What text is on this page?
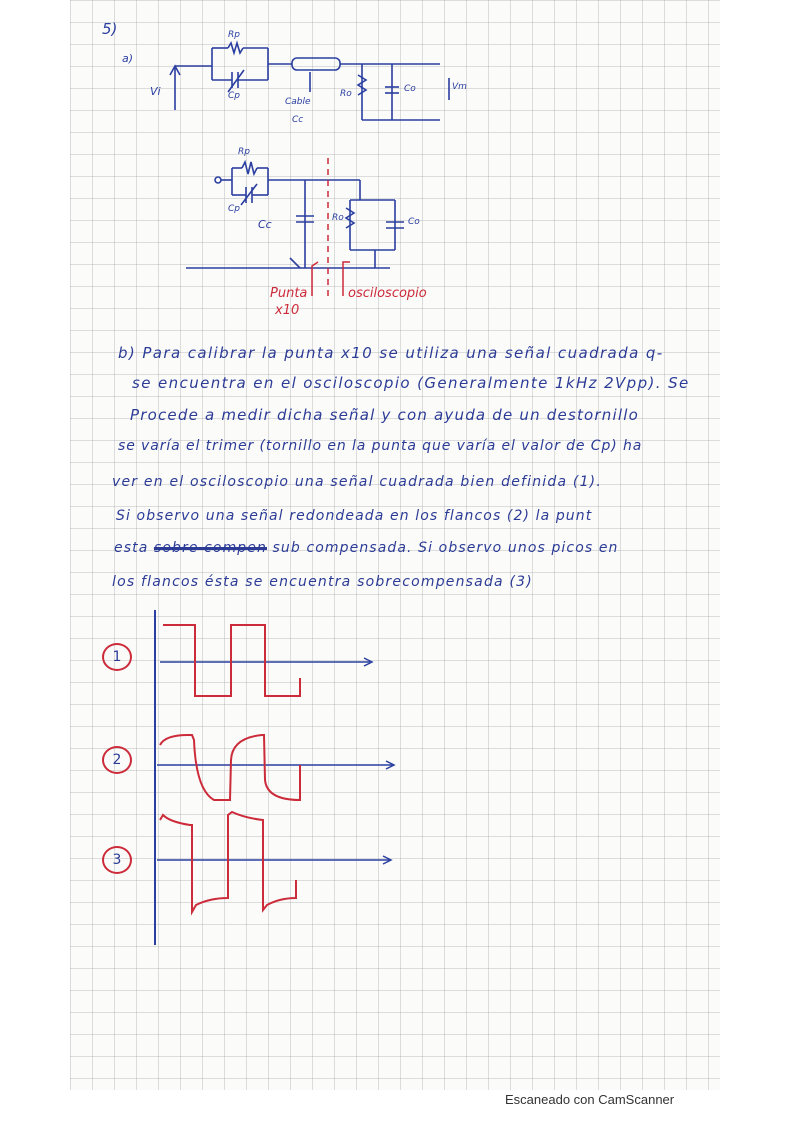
5)
a)
Rp
Cp
Vi
Cable
Cc
Ro	Co	Vm
Rp
Cp
Cc	Ro	Co
Punta
x10
osciloscopio
b) Para calibrar la punta x10 se utiliza una señal cuadrada q-
se encuentra en el osciloscopio (Generalmente 1kHz 2Vpp). Se
Procede a medir dicha señal y con ayuda de un destornillo
se varía el trimer (tornillo en la punta que varía el valor de Cp) ha
ver en el osciloscopio una señal cuadrada bien definida (1).
Si observo una señal redondeada en los flancos (2) la punt
esta sobre compen sub compensada. Si observo unos picos en
los flancos ésta se encuentra sobrecompensada (3)
1
2
3
Escaneado con CamScanner
